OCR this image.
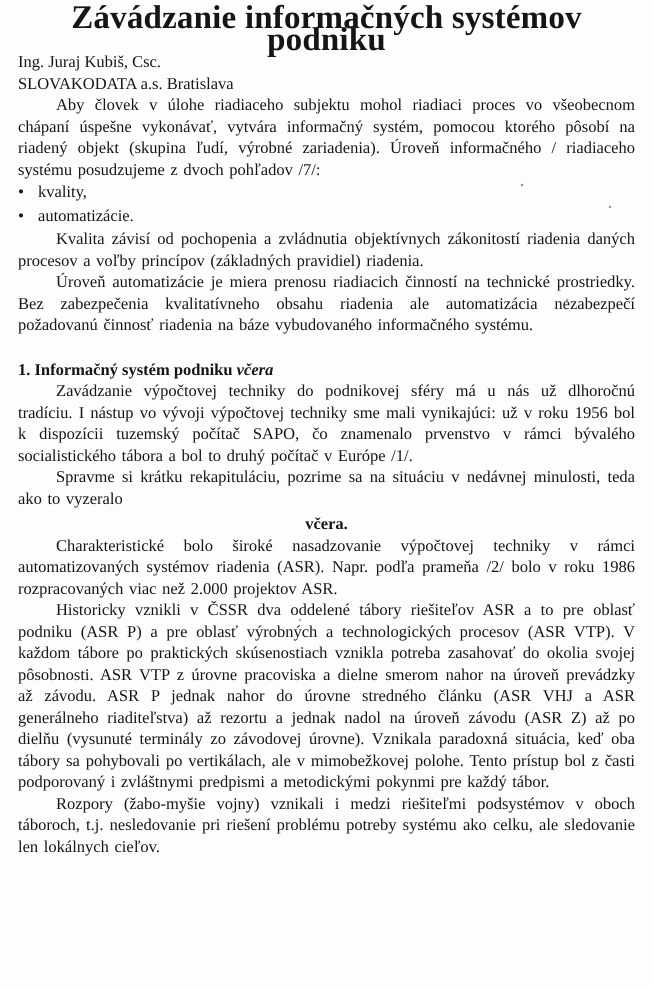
Závádzanie informačných systémov podniku

Ing. Juraj Kubiš, Csc.

SLOVAKODATA a.s. Bratislava

Aby človek v úlohe riadiaceho subjektu mohol riadiaci proces vo všeobecnom chápaní úspešne vykonávať, vytvára informačný systém, pomocou ktorého pôsobí na riadený objekt (skupina ľudí, výrobné zariadenia). Úroveň informačného / riadiaceho systému posudzujeme z dvoch pohľadov /7/:

• kvality,
• automatizácie.

Kvalita závisí od pochopenia a zvládnutia objektívnych zákonitostí riadenia daných procesov a voľby princípov (základných pravidiel) riadenia.

Úroveň automatizácie je miera prenosu riadiacich činností na technické prostriedky. Bez zabezpečenia kvalitatívneho obsahu riadenia ale automatizácia nezabezpečí požadovanú činnosť riadenia na báze vybudovaného informačného systému.

1. Informačný systém podniku včera

Zavádzanie výpočtovej techniky do podnikovej sféry má u nás už dlhoročnú tradíciu. I nástup vo vývoji výpočtovej techniky sme mali vynikajúci: už v roku 1956 bol k dispozícii tuzemský počítač SAPO, čo znamenalo prvenstvo v rámci bývalého socialistického tábora a bol to druhý počítač v Európe /1/.

Spravme si krátku rekapituláciu, pozrime sa na situáciu v nedávnej minulosti, teda ako to vyzeralo

včera.

Charakteristické bolo široké nasadzovanie výpočtovej techniky v rámci automatizovaných systémov riadenia (ASR). Napr. podľa prameňa /2/ bolo v roku 1986 rozpracovaných viac než 2.000 projektov ASR.

Historicky vznikli v ČSSR dva oddelené tábory riešiteľov ASR a to pre oblasť podniku (ASR P) a pre oblasť výrobných a technologických procesov (ASR VTP). V každom tábore po praktických skúsenostiach vznikla potreba zasahovať do okolia svojej pôsobnosti. ASR VTP z úrovne pracoviska a dielne smerom nahor na úroveň prevádzky až závodu. ASR P jednak nahor do úrovne stredného článku (ASR VHJ a ASR generálneho riaditeľstva) až rezortu a jednak nadol na úroveň závodu (ASR Z) až po dielňu (vysunuté terminály zo závodovej úrovne). Vznikala paradoxná situácia, keď oba tábory sa pohybovali po vertikálach, ale v mimobežkovej polohe. Tento prístup bol z časti podporovaný i zvláštnymi predpismi a metodickými pokynmi pre každý tábor.

Rozpory (žabo-myšie vojny) vznikali i medzi riešiteľmi podsystémov v oboch táboroch, t.j. nesledovanie pri riešení problému potreby systému ako celku, ale sledovanie len lokálnych cieľov.
